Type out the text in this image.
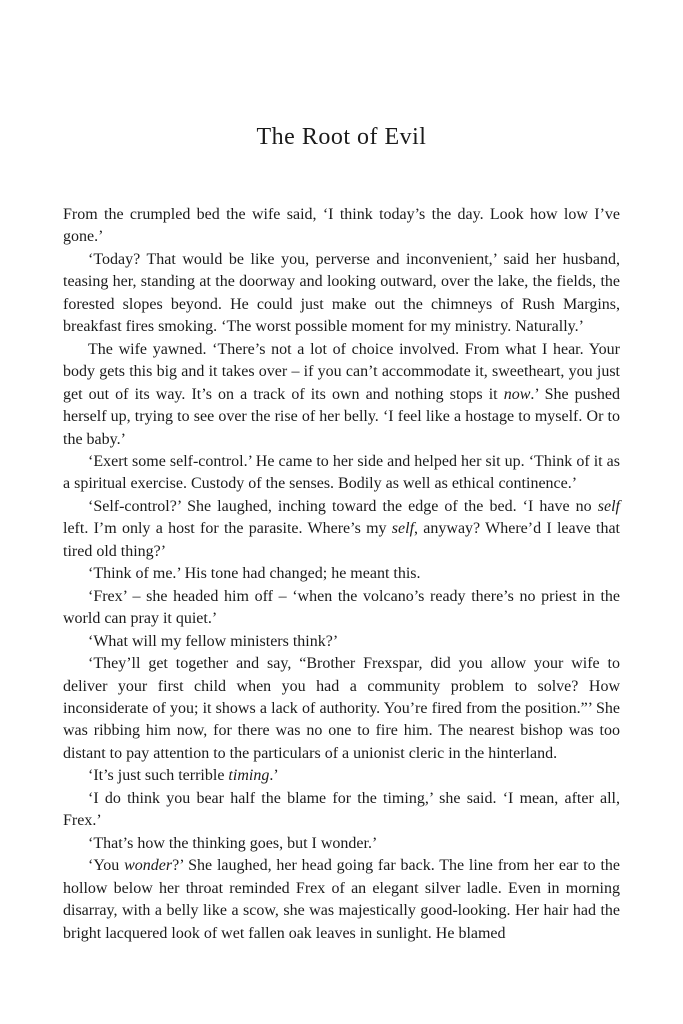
The Root of Evil

From the crumpled bed the wife said, ‘I think today’s the day. Look how low I’ve gone.’

‘Today? That would be like you, perverse and inconvenient,’ said her husband, teasing her, standing at the doorway and looking outward, over the lake, the fields, the forested slopes beyond. He could just make out the chimneys of Rush Margins, breakfast fires smoking. ‘The worst possible moment for my ministry. Naturally.’

The wife yawned. ‘There’s not a lot of choice involved. From what I hear. Your body gets this big and it takes over – if you can’t accommodate it, sweetheart, you just get out of its way. It’s on a track of its own and nothing stops it now.’ She pushed herself up, trying to see over the rise of her belly. ‘I feel like a hostage to myself. Or to the baby.’

‘Exert some self-control.’ He came to her side and helped her sit up. ‘Think of it as a spiritual exercise. Custody of the senses. Bodily as well as ethical continence.’

‘Self-control?’ She laughed, inching toward the edge of the bed. ‘I have no self left. I’m only a host for the parasite. Where’s my self, anyway? Where’d I leave that tired old thing?’

‘Think of me.’ His tone had changed; he meant this.

‘Frex’ – she headed him off – ‘when the volcano’s ready there’s no priest in the world can pray it quiet.’

‘What will my fellow ministers think?’

‘They’ll get together and say, “Brother Frexspar, did you allow your wife to deliver your first child when you had a community problem to solve? How inconsiderate of you; it shows a lack of authority. You’re fired from the position.”’ She was ribbing him now, for there was no one to fire him. The nearest bishop was too distant to pay attention to the particulars of a unionist cleric in the hinterland.

‘It’s just such terrible timing.’

‘I do think you bear half the blame for the timing,’ she said. ‘I mean, after all, Frex.’

‘That’s how the thinking goes, but I wonder.’

‘You wonder?’ She laughed, her head going far back. The line from her ear to the hollow below her throat reminded Frex of an elegant silver ladle. Even in morning disarray, with a belly like a scow, she was majestically good-looking. Her hair had the bright lacquered look of wet fallen oak leaves in sunlight. He blamed
